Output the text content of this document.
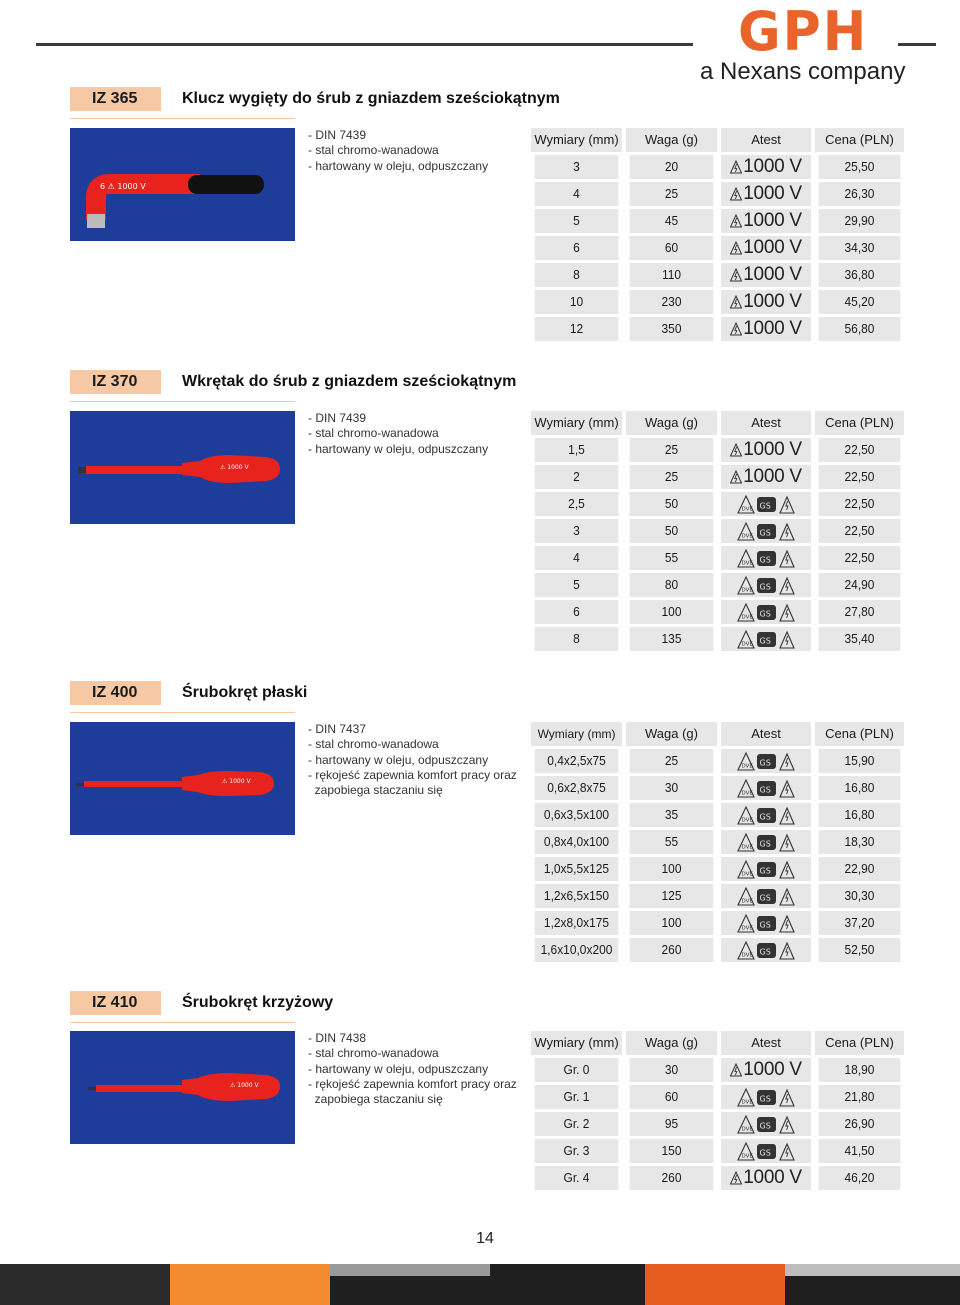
GPH
a Nexans company
IZ 365	Klucz wygięty do śrub z gniazdem sześciokątnym
6 ⚠ 1000 V
- DIN 7439
- stal chromo-wanadowa
- hartowany w oleju, odpuszczany
Wymiary (mm)	Waga (g)	Atest	Cena (PLN)
3	20	1000 V	25,50
4	25	1000 V	26,30
5	45	1000 V	29,90
6	60	1000 V	34,30
8	110	1000 V	36,80
10	230	1000 V	45,20
12	350	1000 V	56,80
IZ 370	Wkrętak do śrub z gniazdem sześciokątnym
⚠ 1000 V
- DIN 7439
- stal chromo-wanadowa
- hartowany w oleju, odpuszczany
Wymiary (mm)	Waga (g)	Atest	Cena (PLN)
1,5	25	1000 V	22,50
2	25	1000 V	22,50
2,5	50	DVE GS	22,50
3	50	DVE GS	22,50
4	55	DVE GS	22,50
5	80	DVE GS	24,90
6	100	DVE GS	27,80
8	135	DVE GS	35,40
IZ 400	Śrubokręt płaski
⚠ 1000 V
- DIN 7437
- stal chromo-wanadowa
- hartowany w oleju, odpuszczany
- rękojeść zapewnia komfort pracy oraz
zapobiega staczaniu się
Wymiary (mm)	Waga (g)	Atest	Cena (PLN)
0,4x2,5x75	25	DVE GS	15,90
0,6x2,8x75	30	DVE GS	16,80
0,6x3,5x100	35	DVE GS	16,80
0,8x4,0x100	55	DVE GS	18,30
1,0x5,5x125	100	DVE GS	22,90
1,2x6,5x150	125	DVE GS	30,30
1,2x8,0x175	100	DVE GS	37,20
1,6x10,0x200	260	DVE GS	52,50
IZ 410	Śrubokręt krzyżowy
⚠ 1000 V
- DIN 7438
- stal chromo-wanadowa
- hartowany w oleju, odpuszczany
- rękojeść zapewnia komfort pracy oraz
zapobiega staczaniu się
Wymiary (mm)	Waga (g)	Atest	Cena (PLN)
Gr. 0	30	1000 V	18,90
Gr. 1	60	DVE GS	21,80
Gr. 2	95	DVE GS	26,90
Gr. 3	150	DVE GS	41,50
Gr. 4	260	1000 V	46,20
14
